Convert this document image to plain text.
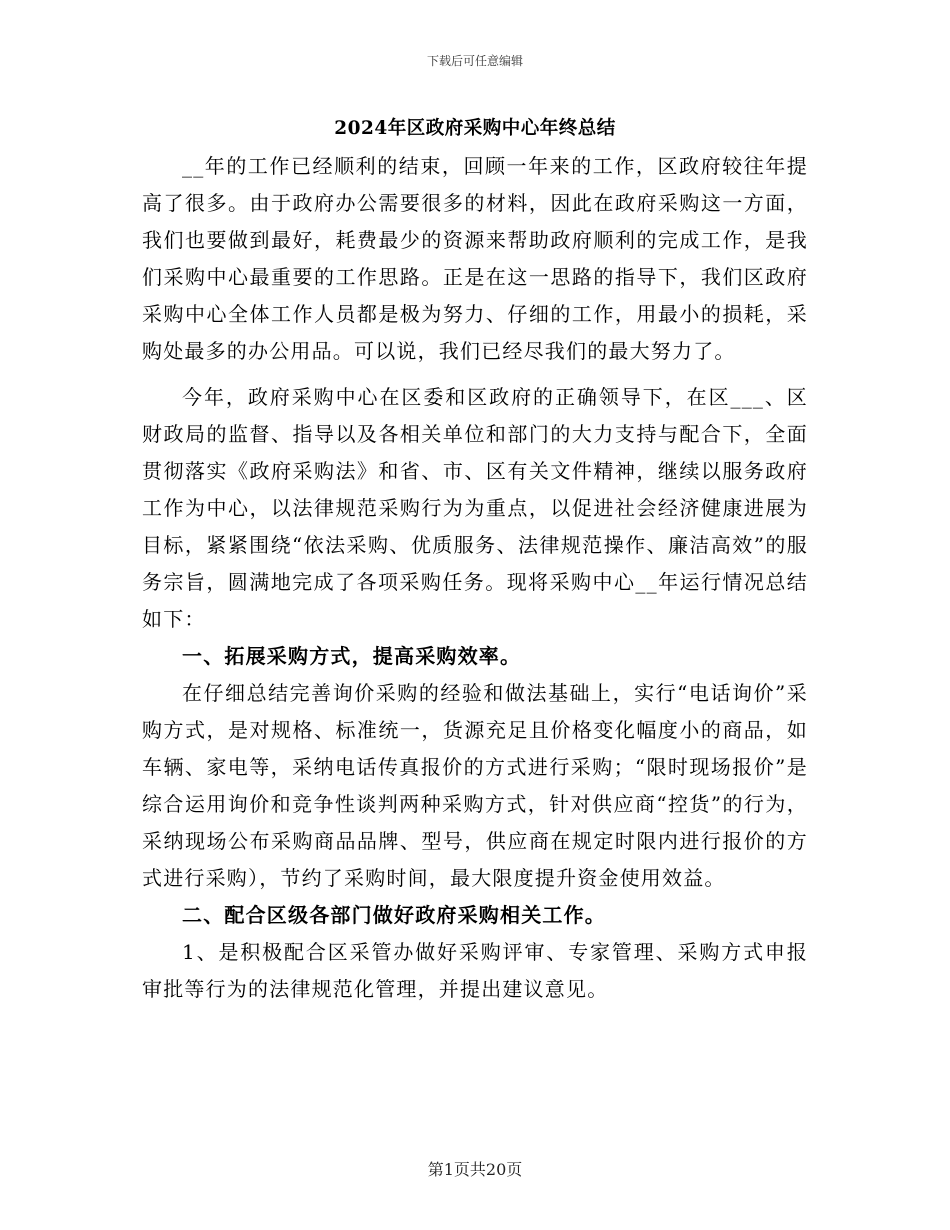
下载后可任意编辑
2024年区政府采购中心年终总结

__年的工作已经顺利的结束，回顾一年来的工作，区政府较往年提高了很多。由于政府办公需要很多的材料，因此在政府采购这一方面，我们也要做到最好，耗费最少的资源来帮助政府顺利的完成工作，是我们采购中心最重要的工作思路。正是在这一思路的指导下，我们区政府采购中心全体工作人员都是极为努力、仔细的工作，用最小的损耗，采购处最多的办公用品。可以说，我们已经尽我们的最大努力了。

今年，政府采购中心在区委和区政府的正确领导下，在区___、区财政局的监督、指导以及各相关单位和部门的大力支持与配合下，全面贯彻落实《政府采购法》和省、市、区有关文件精神，继续以服务政府工作为中心，以法律规范采购行为为重点，以促进社会经济健康进展为目标，紧紧围绕“依法采购、优质服务、法律规范操作、廉洁高效”的服务宗旨，圆满地完成了各项采购任务。现将采购中心__年运行情况总结如下：

一、拓展采购方式，提高采购效率。

在仔细总结完善询价采购的经验和做法基础上，实行“电话询价”采购方式，是对规格、标准统一，货源充足且价格变化幅度小的商品，如车辆、家电等，采纳电话传真报价的方式进行采购；“限时现场报价”是综合运用询价和竞争性谈判两种采购方式，针对供应商“控货”的行为，采纳现场公布采购商品品牌、型号，供应商在规定时限内进行报价的方式进行采购），节约了采购时间，最大限度提升资金使用效益。

二、配合区级各部门做好政府采购相关工作。

1、是积极配合区采管办做好采购评审、专家管理、采购方式申报审批等行为的法律规范化管理，并提出建议意见。

第1页共20页
